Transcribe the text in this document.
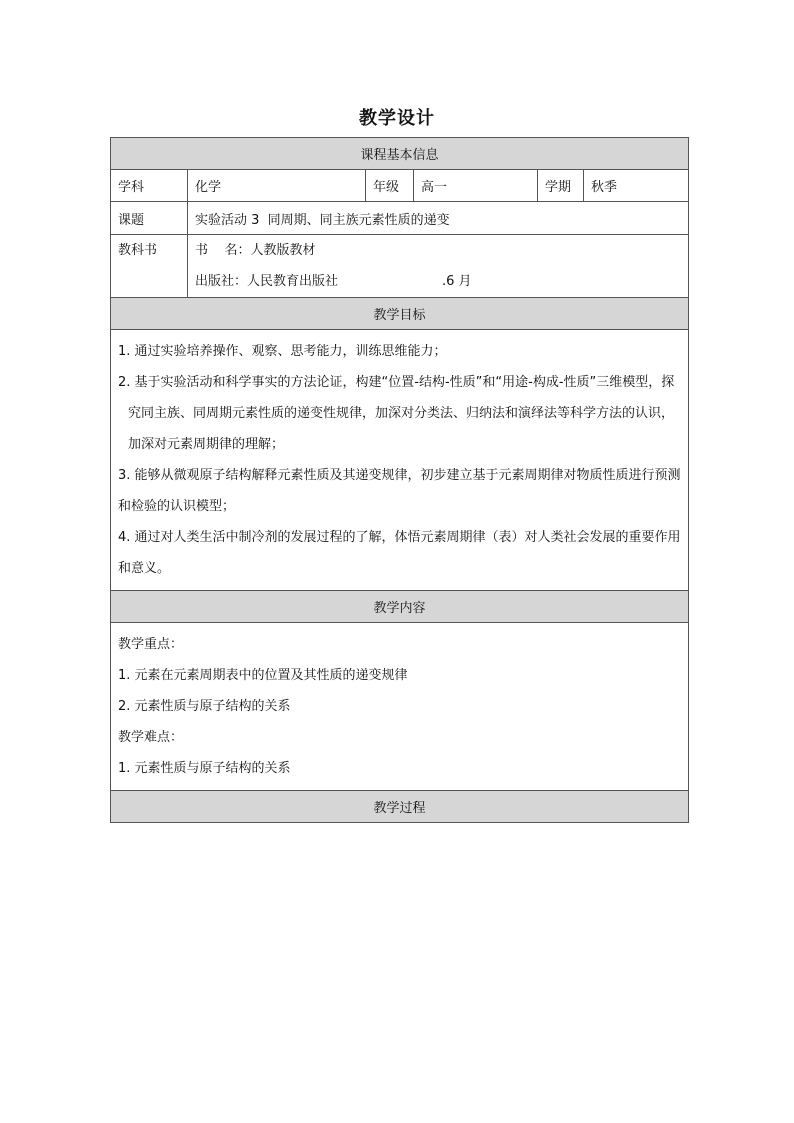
教学设计
课程基本信息					
学科	化学	年级	高一	学期	秋季
课题	实验活动 3  同周期、同主族元素性质的递变				

教科书	书    名：人教版教材
出版社：人民教育出版社 .6 月				

教学目标					

1. 通过实验培养操作、观察、思考能力，训练思维能力；

2. 基于实验活动和科学事实的方法论证，构建“位置-结构-性质”和“用途-构成-性质”三维模型，探究同主族、同周期元素性质的递变性规律，加深对分类法、归纳法和演绎法等科学方法的认识，加深对元素周期律的理解；

3. 能够从微观原子结构解释元素性质及其递变规律，初步建立基于元素周期律对物质性质进行预测和检验的认识模型；

4. 通过对人类生活中制冷剂的发展过程的了解，体悟元素周期律（表）对人类社会发展的重要作用和意义。					

教学内容					

教学重点：

1. 元素在元素周期表中的位置及其性质的递变规律

2. 元素性质与原子结构的关系

教学难点：

1. 元素性质与原子结构的关系					

教学过程					
